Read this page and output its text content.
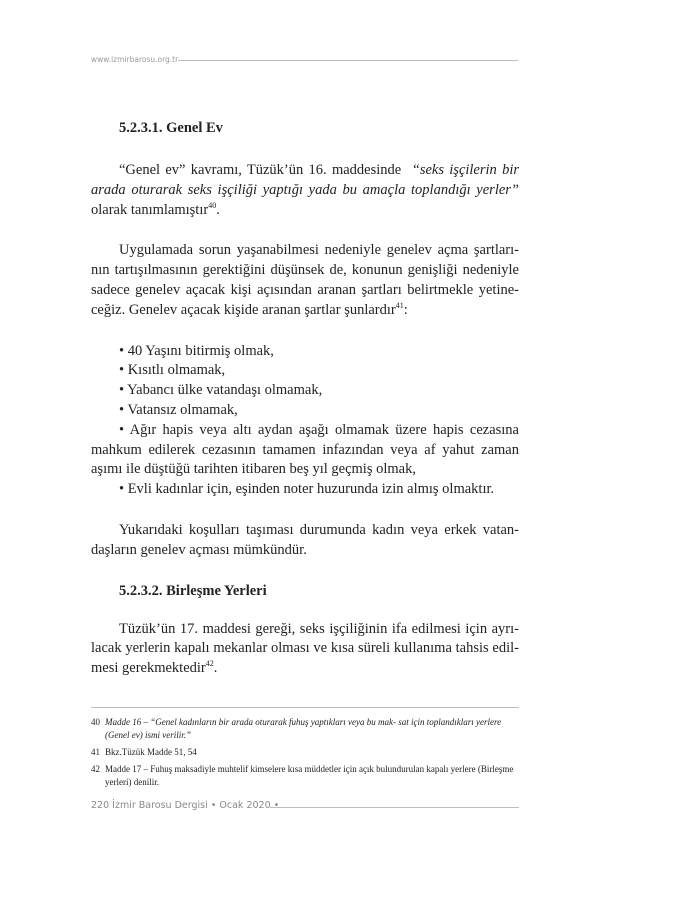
www.izmirbarosu.org.tr

5.2.3.1. Genel Ev

“Genel ev” kavramı, Tüzük’ün 16. maddesinde  “seks işçilerin bir arada oturarak seks işçiliği yaptığı yada bu amaçla toplandığı yerler” olarak tanımlamıştır$^{40}$.

Uygulamada sorun yaşanabilmesi nedeniyle genelev açma şartları-nın tartışılmasının gerektiğini düşünsek de, konunun genişliği nedeniyle sadece genelev açacak kişi açısından aranan şartları belirtmekle yetine-ceğiz. Genelev açacak kişide aranan şartlar şunlardır$^{41}$:

• 40 Yaşını bitirmiş olmak,
• Kısıtlı olmamak,
• Yabancı ülke vatandaşı olmamak,
• Vatansız olmamak,
• Ağır hapis veya altı aydan aşağı olmamak üzere hapis cezasına mahkum edilerek cezasının tamamen infazından veya af yahut zaman aşımı ile düştüğü tarihten itibaren beş yıl geçmiş olmak,
• Evli kadınlar için, eşinden noter huzurunda izin almış olmaktır.

Yukarıdaki koşulları taşıması durumunda kadın veya erkek vatan-daşların genelev açması mümkündür.

5.2.3.2. Birleşme Yerleri

Tüzük’ün 17. maddesi gereği, seks işçiliğinin ifa edilmesi için ayrı-lacak yerlerin kapalı mekanlar olması ve kısa süreli kullanıma tahsis edil-mesi gerekmektedir$^{42}$.

40 Madde 16 – “Genel kadınların bir arada oturarak fuhuş yaptıkları veya bu mak- sat için toplandıkları yerlere (Genel ev) ismi verilir.”
41 Bkz.Tüzük Madde 51, 54
42 Madde 17 – Fuhuş maksadiyle muhtelif kimselere kısa müddetler için açık bulundurulan kapalı yerlere (Birleşme yerleri) denilir.
220 İzmir Barosu Dergisi • Ocak 2020 •
